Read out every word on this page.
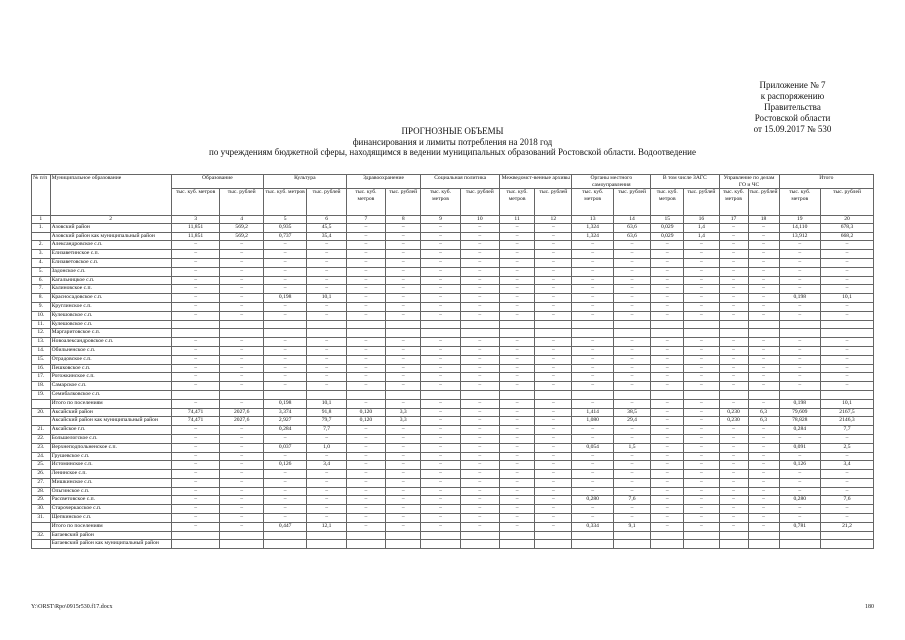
Приложение № 7
к распоряжению
Правительства
Ростовской области
от 15.09.2017 № 530
ПРОГНОЗНЫЕ ОБЪЕМЫ
финансирования и лимиты потребления на 2018 год
по учреждениям бюджетной сферы, находящимся в ведении муниципальных образований Ростовской области. Водоотведение
№ п/п	Муниципальное образование	Образование		Культура		Здравоохранение		Социальная политика		Межведомст-венные архивы		Органы местного самоуправления		В том числе ЗАГС		Управление по делам ГО и ЧС		Итого	
		тыс. куб. метров	тыс. рублей	тыс. куб. метров	тыс. рублей	тыс. куб. метров	тыс. рублей	тыс. куб. метров	тыс. рублей	тыс. куб. метров	тыс. рублей	тыс. куб. метров	тыс. рублей	тыс. куб. метров	тыс. рублей	тыс. куб. метров	тыс. рублей	тыс. куб. метров	тыс. рублей
1	2	3	4	5	6	7	8	9	10	11	12	13	14	15	16	17	18	19	20
1.	Азовский район	11,851	569,2	0,935	45,5	–	–	–	–	–	–	1,324	63,6	0,029	1,4	–	–	14,110	678,3
	Азовский район как муниципальный район	11,851	569,2	0,737	35,4	–	–	–	–	–	–	1,324	63,6	0,029	1,4	–	–	13,912	668,2
2.	Александровское с.п.	–	–	–	–	–	–	–	–	–	–	–	–	–	–	–	–	–	–
3.	Елизаветинское с.п.	–	–	–	–	–	–	–	–	–	–	–	–	–	–	–	–	–	–
4.	Елизаветовское с.п.	–	–	–	–	–	–	–	–	–	–	–	–	–	–	–	–	–	–
5.	Задонское с.п.	–	–	–	–	–	–	–	–	–	–	–	–	–	–	–	–	–	–
6.	Кагальницкое с.п.	–	–	–	–	–	–	–	–	–	–	–	–	–	–	–	–	–	–
7.	Калиновское с.п.	–	–	–	–	–	–	–	–	–	–	–	–	–	–	–	–	–	–
8.	Красносадовское с.п.	–	–	0,198	10,1	–	–	–	–	–	–	–	–	–	–	–	–	0,198	10,1
9.	Круглинское с.п.	–	–	–	–	–	–	–	–	–	–	–	–	–	–	–	–	–	–
10.	Кулешовское с.п.	–	–	–	–	–	–	–	–	–	–	–	–	–	–	–	–	–	–
11.	Кулешовское с.п.																		
12.	Маргаритовское с.п.																		
13.	Новоалександровское с.п.	–	–	–	–	–	–	–	–	–	–	–	–	–	–	–	–	–	–
14.	Обильненское с.п.	–	–	–	–	–	–	–	–	–	–	–	–	–	–	–	–	–	–
15.	Отрадовское с.п.	–	–	–	–	–	–	–	–	–	–	–	–	–	–	–	–	–	–
16.	Пешковское с.п.	–	–	–	–	–	–	–	–	–	–	–	–	–	–	–	–	–	–
17.	Рогожкинское с.п.	–	–	–	–	–	–	–	–	–	–	–	–	–	–	–	–	–	–
18.	Самарское с.п.	–	–	–	–	–	–	–	–	–	–	–	–	–	–	–	–	–	–
19.	Семибалковское с.п.																		
	Итого по поселениям	–	–	0,198	10,1	–	–	–	–	–	–	–	–	–	–	–	–	0,198	10,1
20.	Аксайский район	74,471	2027,6	3,374	91,8	0,120	3,3	–	–	–	–	1,414	38,5	–	–	0,230	6,3	79,609	2167,5
	Аксайский район как муниципальный район	74,471	2027,6	2,927	79,7	0,120	3,3	–	–	–	–	1,080	29,4	–	–	0,230	6,3	78,828	2146,3
21.	Аксайское г.п.	–	–	0,284	7,7	–	–	–	–	–	–	–	–	–	–	–	–	0,284	7,7
22.	Большелогское с.п.	–	–	–	–	–	–	–	–	–	–	–	–	–	–	–	–	–	–
23.	Верхнеподпольненское с.п.	–	–	0,037	1,0	–	–	–	–	–	–	0,054	1,5	–	–	–	–	0,091	2,5
24.	Грушевское с.п.	–	–	–	–	–	–	–	–	–	–	–	–	–	–	–	–	–	–
25.	Истоминское с.п.	–	–	0,126	3,4	–	–	–	–	–	–	–	–	–	–	–	–	0,126	3,4
26.	Ленинское с.п.	–	–	–	–	–	–	–	–	–	–	–	–	–	–	–	–	–	–
27.	Мишкинское с.п.	–	–	–	–	–	–	–	–	–	–	–	–	–	–	–	–	–	–
28.	Ольгинское с.п.	–	–	–	–	–	–	–	–	–	–	–	–	–	–	–	–	–	–
29.	Рассветовское с.п.	–	–	–	–	–	–	–	–	–	–	0,280	7,6	–	–	–	–	0,280	7,6
30.	Старочеркасское с.п.	–	–	–	–	–	–	–	–	–	–	–	–	–	–	–	–	–	–
31.	Щепкинское с.п.	–	–	–	–	–	–	–	–	–	–	–	–	–	–	–	–	–	–
	Итого по поселениям	–	–	0,447	12,1	–	–	–	–	–	–	0,334	9,1	–	–	–	–	0,781	21,2
32.	Багаевский район																		
	Багаевский район как муниципальный район																		
Y:\ORST\Rpo\0915r530.f17.docx	180
